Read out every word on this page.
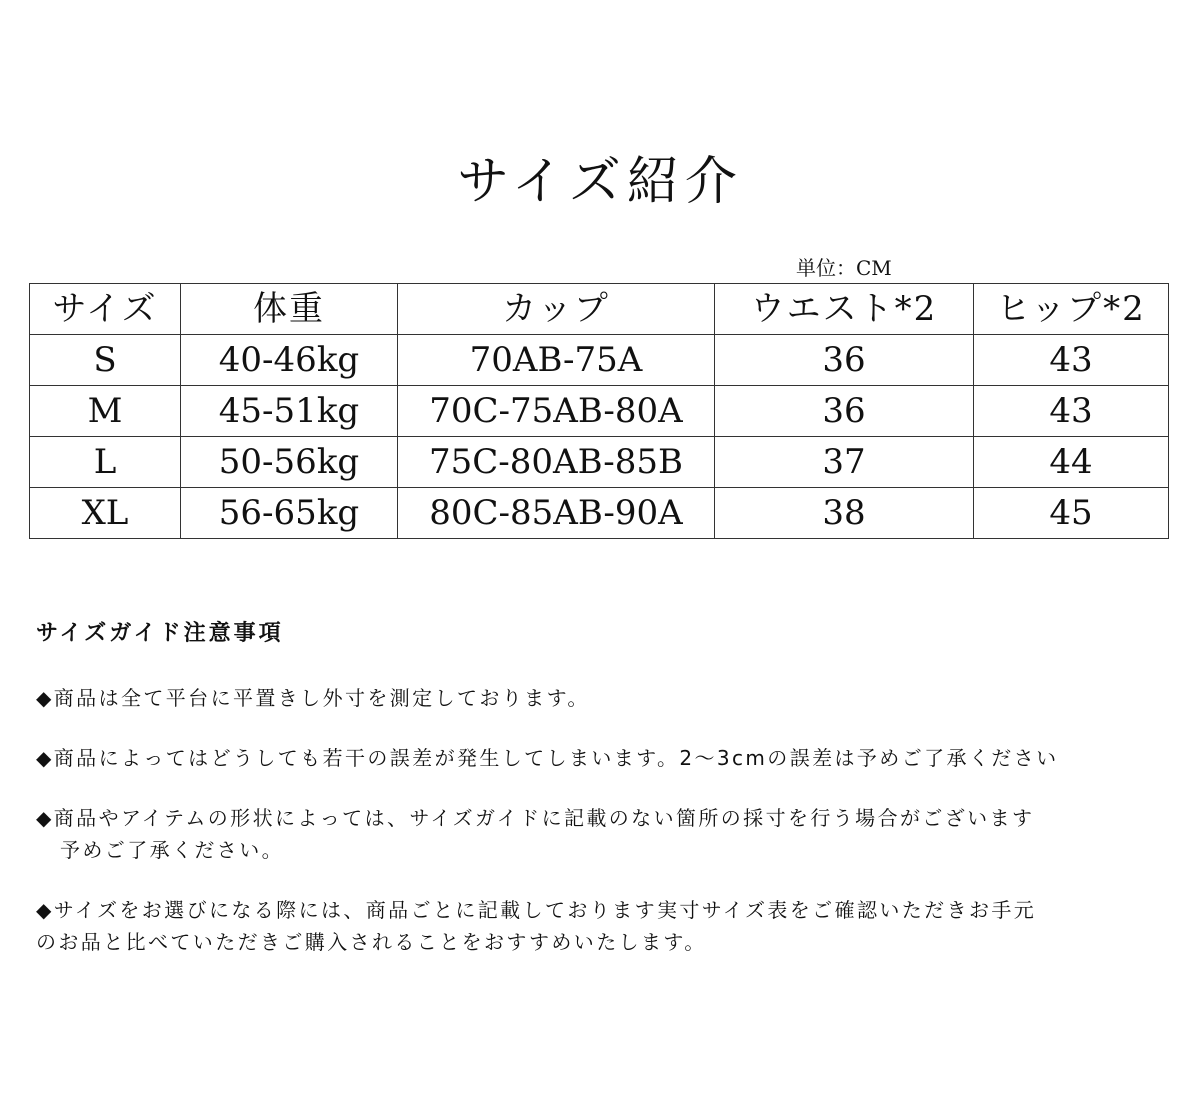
サイズ紹介
単位：CM
サイズ	体重	カップ	ウエスト*2	ヒップ*2
S	40-46kg	70AB-75A	36	43
M	45-51kg	70C-75AB-80A	36	43
L	50-56kg	75C-80AB-85B	37	44
XL	56-65kg	80C-85AB-90A	38	45
サイズガイド注意事項
◆商品は全て平台に平置きし外寸を測定しております。
◆商品によってはどうしても若干の誤差が発生してしまいます。2～3cmの誤差は予めご了承ください
◆商品やアイテムの形状によっては、サイズガイドに記載のない箇所の採寸を行う場合がございます
予めご了承ください。
◆サイズをお選びになる際には、商品ごとに記載しております実寸サイズ表をご確認いただきお手元
のお品と比べていただきご購入されることをおすすめいたします。
